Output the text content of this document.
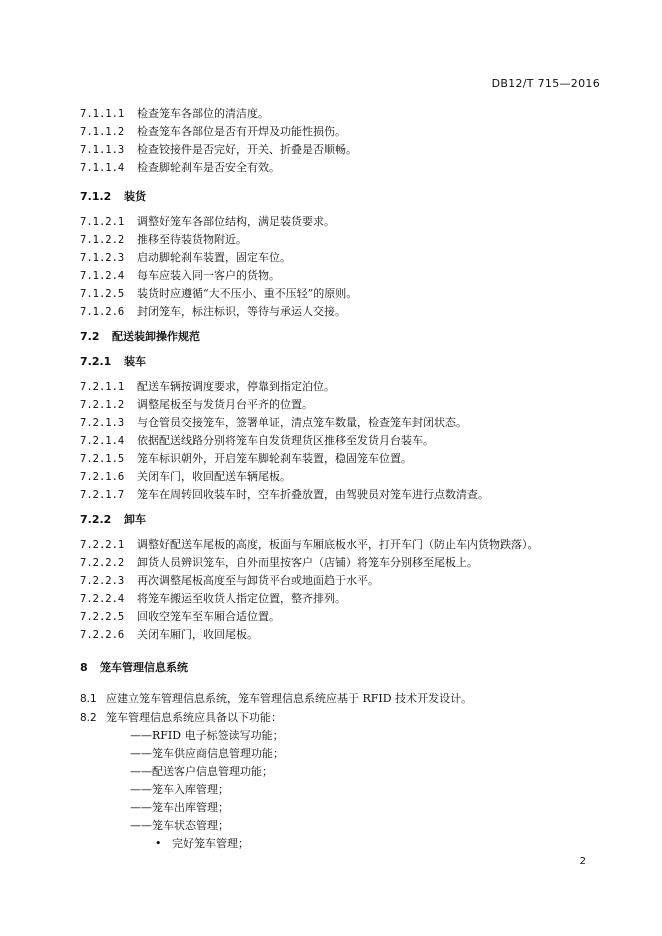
DB12/T 715—2016
7.1.1.1 检查笼车各部位的清洁度。
7.1.1.2 检查笼车各部位是否有开焊及功能性损伤。
7.1.1.3 检查铰接件是否完好，开关、折叠是否顺畅。
7.1.1.4 检查脚轮刹车是否安全有效。
7.1.2 装货
7.1.2.1 调整好笼车各部位结构，满足装货要求。
7.1.2.2 推移至待装货物附近。
7.1.2.3 启动脚轮刹车装置，固定车位。
7.1.2.4 每车应装入同一客户的货物。
7.1.2.5 装货时应遵循“大不压小、重不压轻”的原则。
7.1.2.6 封闭笼车，标注标识，等待与承运人交接。
7.2 配送装卸操作规范
7.2.1 装车
7.2.1.1 配送车辆按调度要求，停靠到指定泊位。
7.2.1.2 调整尾板至与发货月台平齐的位置。
7.2.1.3 与仓管员交接笼车，签署单证，清点笼车数量，检查笼车封闭状态。
7.2.1.4 依据配送线路分别将笼车自发货理货区推移至发货月台装车。
7.2.1.5 笼车标识朝外，开启笼车脚轮刹车装置，稳固笼车位置。
7.2.1.6 关闭车门，收回配送车辆尾板。
7.2.1.7 笼车在周转回收装车时，空车折叠放置，由驾驶员对笼车进行点数清查。
7.2.2 卸车
7.2.2.1 调整好配送车尾板的高度，板面与车厢底板水平，打开车门（防止车内货物跌落）。
7.2.2.2 卸货人员辨识笼车，自外而里按客户（店铺）将笼车分别移至尾板上。
7.2.2.3 再次调整尾板高度至与卸货平台或地面趋于水平。
7.2.2.4 将笼车搬运至收货人指定位置，整齐排列。
7.2.2.5 回收空笼车至车厢合适位置。
7.2.2.6 关闭车厢门，收回尾板。
8 笼车管理信息系统
8.1 应建立笼车管理信息系统，笼车管理信息系统应基于 RFID 技术开发设计。
8.2 笼车管理信息系统应具备以下功能：
——RFID 电子标签读写功能；
——笼车供应商信息管理功能；
——配送客户信息管理功能；
——笼车入库管理；
——笼车出库管理；
——笼车状态管理；
• 完好笼车管理；
2
